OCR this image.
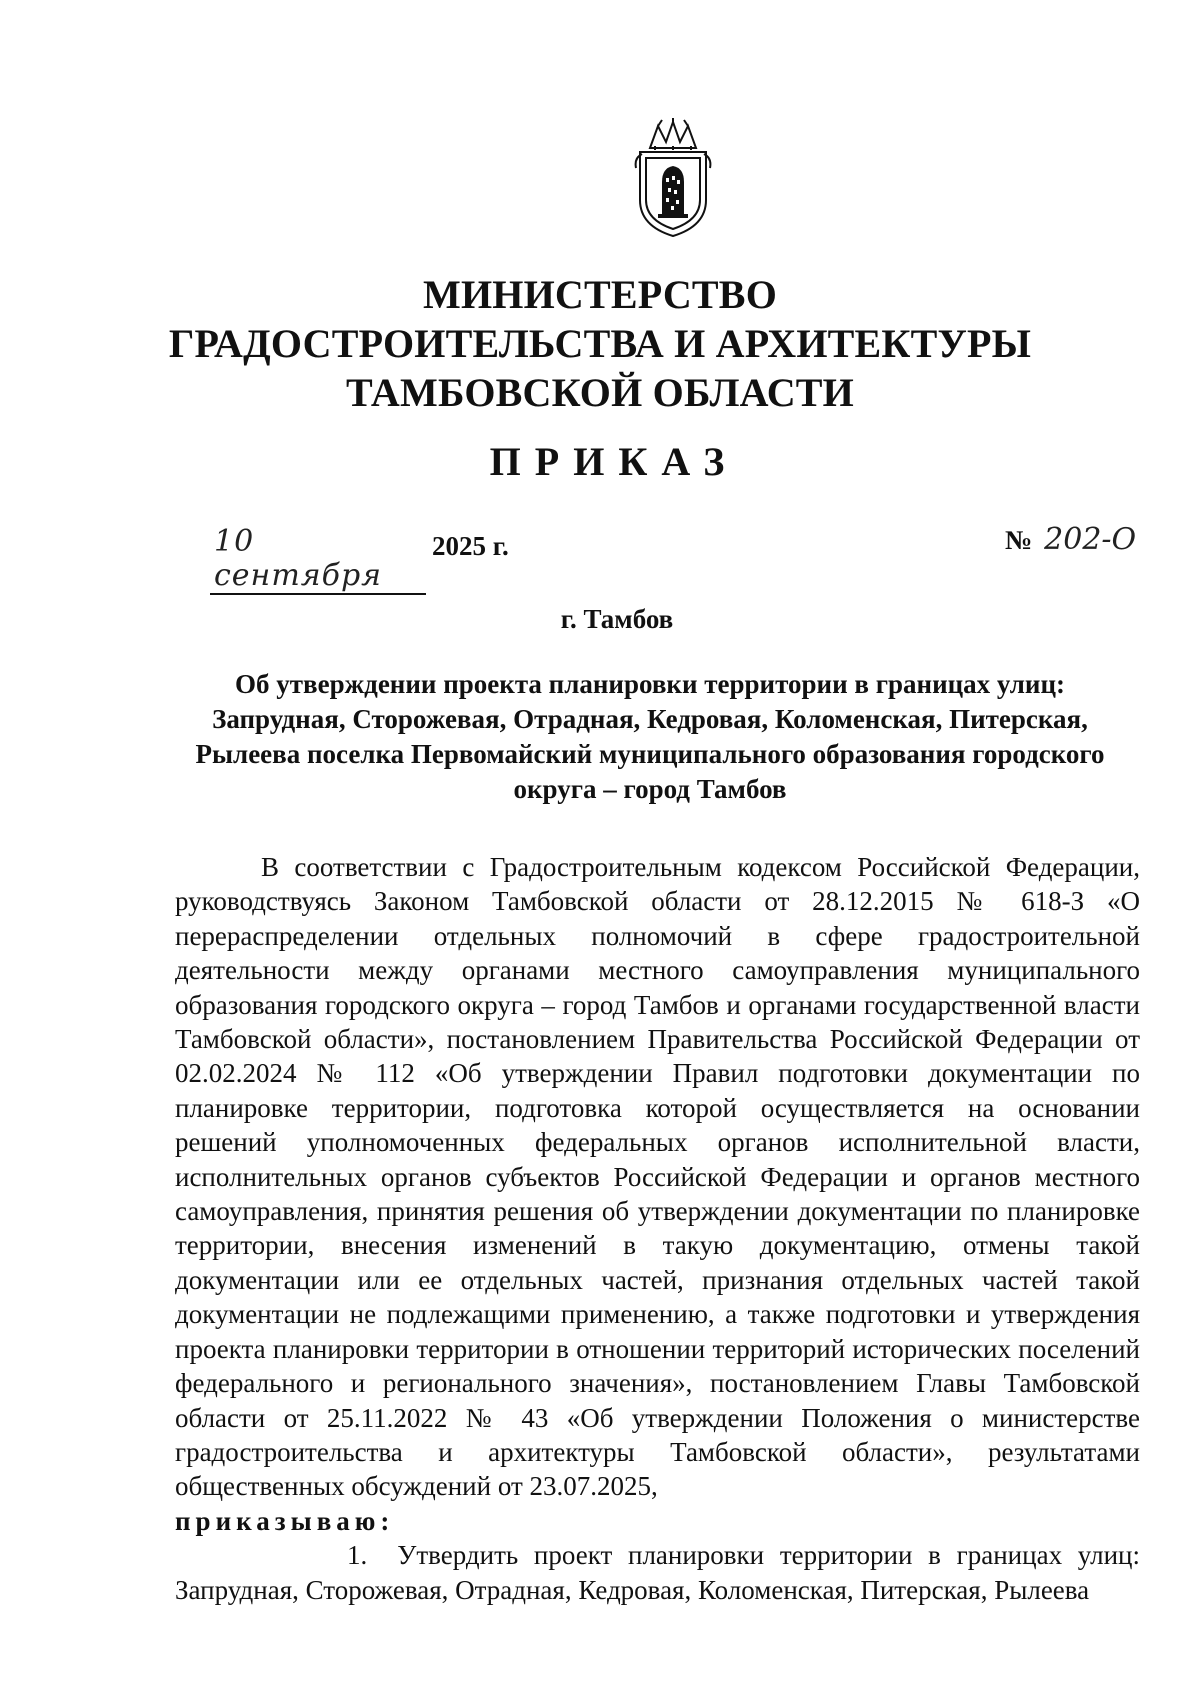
МИНИСТЕРСТВО
ГРАДОСТРОИТЕЛЬСТВА И АРХИТЕКТУРЫ
ТАМБОВСКОЙ ОБЛАСТИ
ПРИКАЗ
10 сентября
2025 г.	№ 202-О
г. Тамбов
Об утверждении проекта планировки территории в границах улиц:
Запрудная, Сторожевая, Отрадная, Кедровая, Коломенская, Питерская,
Рылеева поселка Первомайский муниципального образования городского
округа – город Тамбов

В соответствии с Градостроительным кодексом Российской Федерации, руководствуясь Законом Тамбовской области от 28.12.2015 № 618-З «О перераспределении отдельных полномочий в сфере градостроительной деятельности между органами местного самоуправления муниципального образования городского округа – город Тамбов и органами государственной власти Тамбовской области», постановлением Правительства Российской Федерации от 02.02.2024 № 112 «Об утверждении Правил подготовки документации по планировке территории, подготовка которой осуществляется на основании решений уполномоченных федеральных органов исполнительной власти, исполнительных органов субъектов Российской Федерации и органов местного самоуправления, принятия решения об утверждении документации по планировке территории, внесения изменений в такую документацию, отмены такой документации или ее отдельных частей, признания отдельных частей такой документации не подлежащими применению, а также подготовки и утверждения проекта планировки территории в отношении территорий исторических поселений федерального и регионального значения», постановлением Главы Тамбовской области от 25.11.2022 № 43 «Об утверждении Положения о министерстве градостроительства и архитектуры Тамбовской области», результатами общественных обсуждений от 23.07.2025,

приказываю:

1. Утвердить проект планировки территории в границах улиц: Запрудная, Сторожевая, Отрадная, Кедровая, Коломенская, Питерская, Рылеева
